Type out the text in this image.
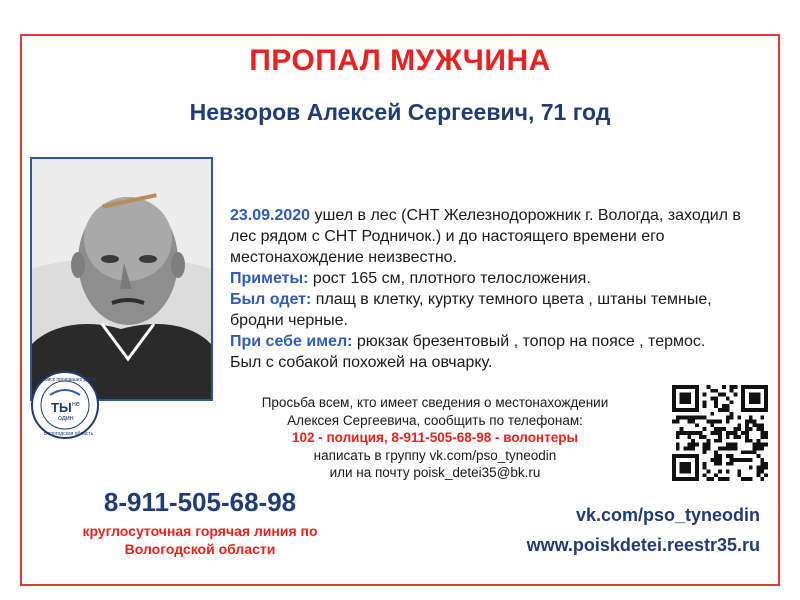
ПРОПАЛ МУЖЧИНА
Невзоров Алексей Сергеевич, 71 год
ТЫ не
один
поиск пропавших детей
Вологодская область
23.09.2020 ушел в лес (СНТ Железнодорожник г. Вологда, заходил в лес рядом с СНТ Родничок.) и до настоящего времени его местонахождение неизвестно.
Приметы: рост 165 см, плотного телосложения.
Был одет: плащ в клетку, куртку темного цвета , штаны темные, бродни черные.
При себе имел: рюкзак брезентовый , топор на поясе , термос.
Был с собакой похожей на овчарку.
Просьба всем, кто имеет сведения о местонахождении
Алексея Сергеевича, сообщить по телефонам:
102 - полиция, 8-911-505-68-98 - волонтеры
написать в группу vk.com/pso_tyneodin
или на почту poisk_detei35@bk.ru
8-911-505-68-98
круглосуточная горячая линия по
Вологодской области
vk.com/pso_tyneodin
www.poiskdetei.reestr35.ru
